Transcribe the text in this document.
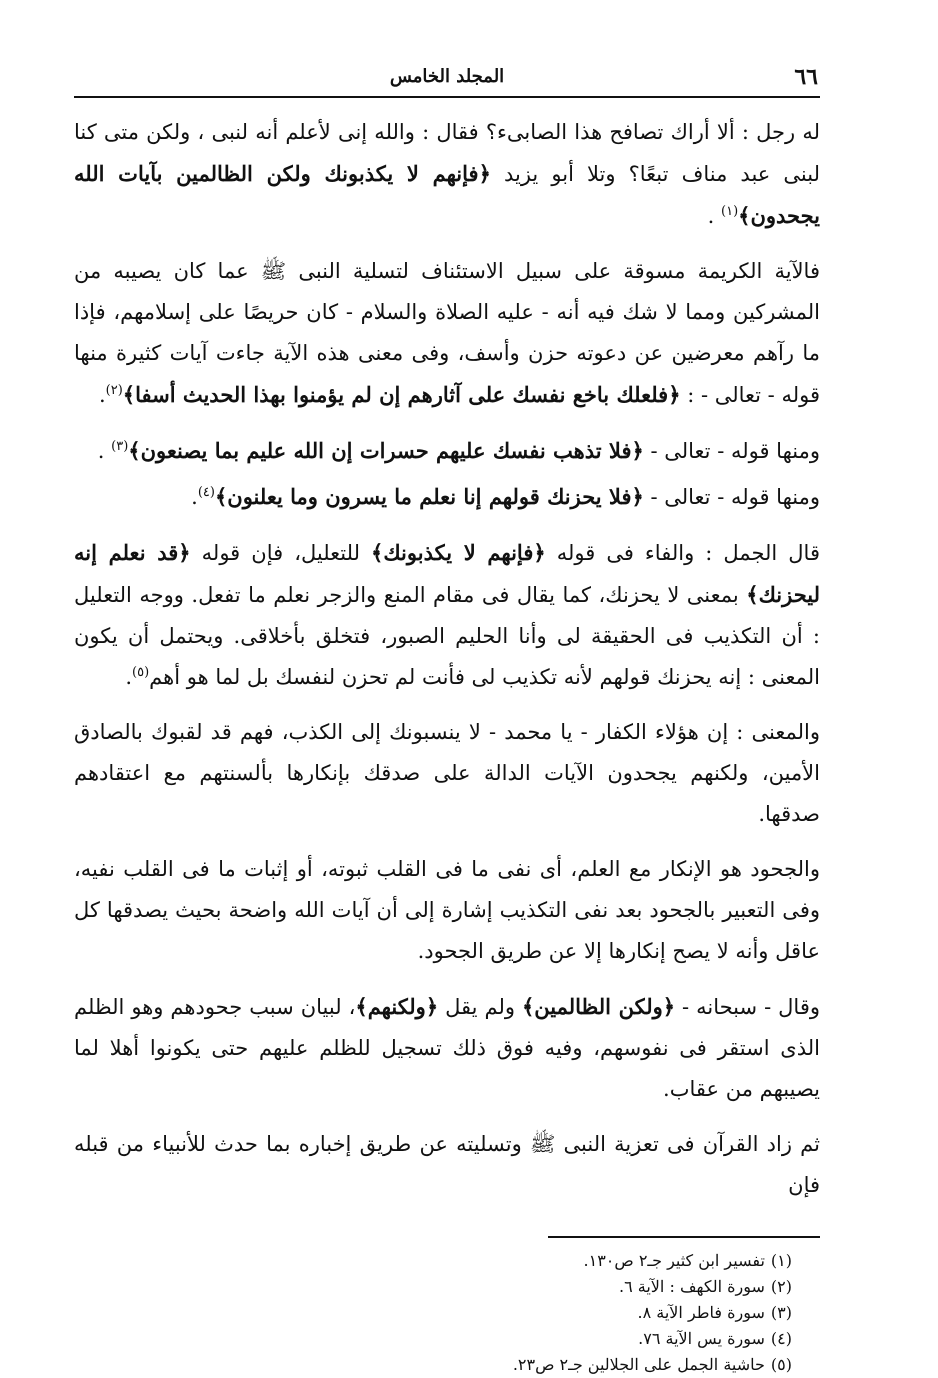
٦٦
المجلد الخامس

له رجل : ألا أراك تصافح هذا الصابىء؟ فقال : والله إنى لأعلم أنه لنبى ، ولكن متى كنا لبنى عبد مناف تبعًا؟ وتلا أبو يزيد ﴿فإنهم لا يكذبونك ولكن الظالمين بآيات الله يجحدون﴾$^{(١)}$ .

فالآية الكريمة مسوقة على سبيل الاستئناف لتسلية النبى ﷺ عما كان يصيبه من المشركين ومما لا شك فيه أنه - عليه الصلاة والسلام - كان حريصًا على إسلامهم، فإذا ما رآهم معرضين عن دعوته حزن وأسف، وفى معنى هذه الآية جاءت آيات كثيرة منها قوله - تعالى - : ﴿فلعلك باخع نفسك على آثارهم إن لم يؤمنوا بهذا الحديث أسفا﴾$^{(٢)}$.

ومنها قوله - تعالى - ﴿فلا تذهب نفسك عليهم حسرات إن الله عليم بما يصنعون﴾$^{(٣)}$ .

ومنها قوله - تعالى - ﴿فلا يحزنك قولهم إنا نعلم ما يسرون وما يعلنون﴾$^{(٤)}$.

قال الجمل : والفاء فى قوله ﴿فإنهم لا يكذبونك﴾ للتعليل، فإن قوله ﴿قد نعلم إنه ليحزنك﴾ بمعنى لا يحزنك، كما يقال فى مقام المنع والزجر نعلم ما تفعل. ووجه التعليل : أن التكذيب فى الحقيقة لى وأنا الحليم الصبور، فتخلق بأخلاقى. ويحتمل أن يكون المعنى : إنه يحزنك قولهم لأنه تكذيب لى فأنت لم تحزن لنفسك بل لما هو أهم$^{(٥)}$.

والمعنى : إن هؤلاء الكفار - يا محمد - لا ينسبونك إلى الكذب، فهم قد لقبوك بالصادق الأمين، ولكنهم يجحدون الآيات الدالة على صدقك بإنكارها بألسنتهم مع اعتقادهم صدقها.

والجحود هو الإنكار مع العلم، أى نفى ما فى القلب ثبوته، أو إثبات ما فى القلب نفيه، وفى التعبير بالجحود بعد نفى التكذيب إشارة إلى أن آيات الله واضحة بحيث يصدقها كل عاقل وأنه لا يصح إنكارها إلا عن طريق الجحود.

وقال - سبحانه - ﴿ولكن الظالمين﴾ ولم يقل ﴿ولكنهم﴾، لبيان سبب جحودهم وهو الظلم الذى استقر فى نفوسهم، وفيه فوق ذلك تسجيل للظلم عليهم حتى يكونوا أهلا لما يصيبهم من عقاب.

ثم زاد القرآن فى تعزية النبى ﷺ وتسليته عن طريق إخباره بما حدث للأنبياء من قبله فإن

(١)تفسير ابن كثير جـ٢ ص١٣٠.
(٢)سورة الكهف : الآية ٦.
(٣)سورة فاطر الآية ٨.
(٤)سورة يس الآية ٧٦.
(٥)حاشية الجمل على الجلالين جـ٢ ص٢٣.
